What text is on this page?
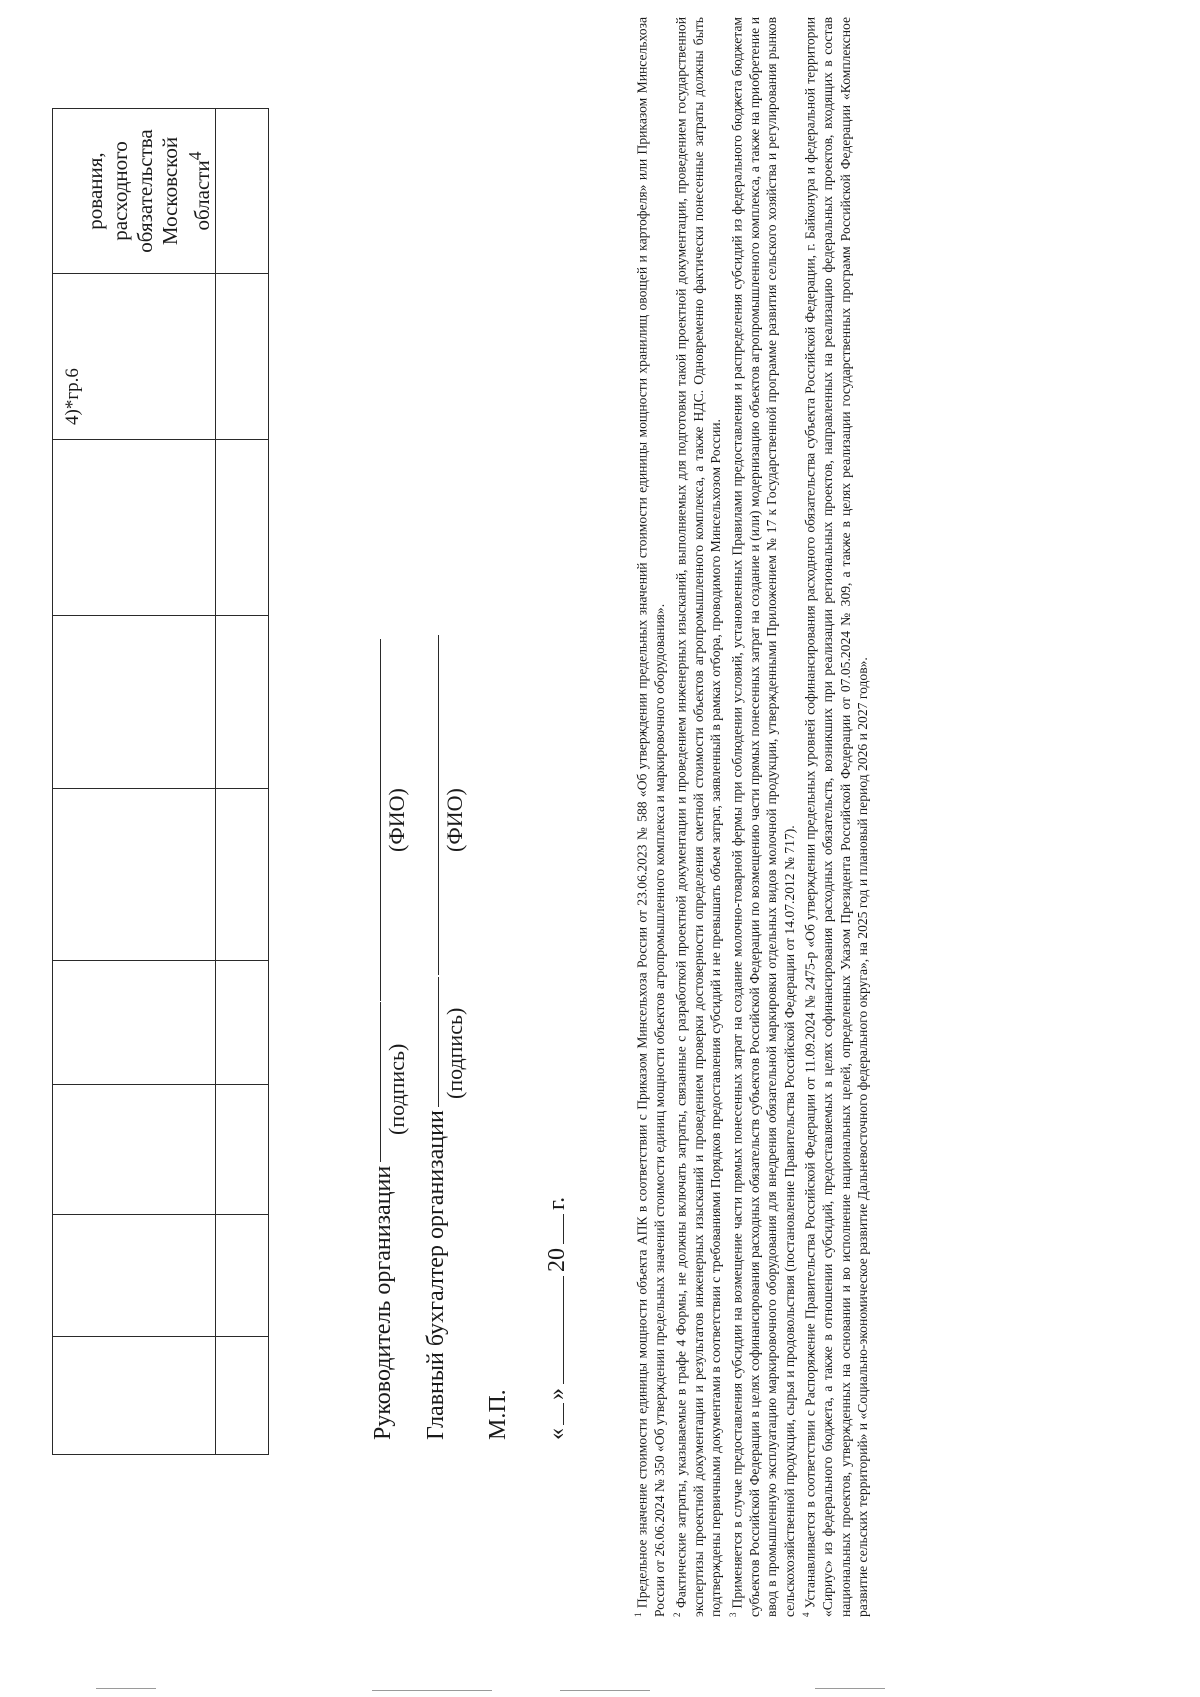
							4)*гр.6	рования, расходного обязательства Московской области$^4$

Руководитель организации
(подпись)
(ФИО)
Главный бухгалтер организации
(подпись)
(ФИО)
М.П. «»20г.

$^1$ Предельное значение стоимости единицы мощности объекта АПК в соответствии с Приказом Минсельхоза России от 23.06.2023 № 588 «Об утверждении предельных значений стоимости единицы мощности хранилищ овощей и картофеля» или Приказом Минсельхоза России от 26.06.2024 № 350 «Об утверждении предельных значений стоимости единиц мощности объектов агропромышленного комплекса и маркировочного оборудования». $^2$ Фактические затраты, указываемые в графе 4 Формы, не должны включать затраты, связанные с разработкой проектной документации и проведением инженерных изысканий, выполняемых для подготовки такой проектной документации, проведением государственной экспертизы проектной документации и результатов инженерных изысканий и проведением проверки достоверности определения сметной стоимости объектов агропромышленного комплекса, а также НДС. Одновременно фактически понесенные затраты должны быть подтверждены первичными документами в соответствии с требованиями Порядков предоставления субсидий и не превышать объем затрат, заявленный в рамках отбора, проводимого Минсельхозом России. $^3$ Применяется в случае предоставления субсидии на возмещение части прямых понесенных затрат на создание молочно-товарной фермы при соблюдении условий, установленных Правилами предоставления и распределения субсидий из федерального бюджета бюджетам субъектов Российской Федерации в целях софинансирования расходных обязательств субъектов Российской Федерации по возмещению части прямых понесенных затрат на создание и (или) модернизацию объектов агропромышленного комплекса, а также на приобретение и ввод в промышленную эксплуатацию маркировочного оборудования для внедрения обязательной маркировки отдельных видов молочной продукции, утвержденными Приложением № 17 к Государственной программе развития сельского хозяйства и регулирования рынков сельскохозяйственной продукции, сырья и продовольствия (постановление Правительства Российской Федерации от 14.07.2012 № 717). $^4$ Устанавливается в соответствии с Распоряжение Правительства Российской Федерации от 11.09.2024 № 2475-р «Об утверждении предельных уровней софинансирования расходного обязательства субъекта Российской Федерации, г. Байконура и федеральной территории «Сириус» из федерального бюджета, а также в отношении субсидий, предоставляемых в целях софинансирования расходных обязательств, возникших при реализации региональных проектов, направленных на реализацию федеральных проектов, входящих в состав национальных проектов, утвержденных на основании и во исполнение национальных целей, определенных Указом Президента Российской Федерации от 07.05.2024 № 309, а также в целях реализации государственных программ Российской Федерации «Комплексное развитие сельских территорий» и «Социально-экономическое развитие Дальневосточного федерального округа», на 2025 год и плановый период 2026 и 2027 годов».
